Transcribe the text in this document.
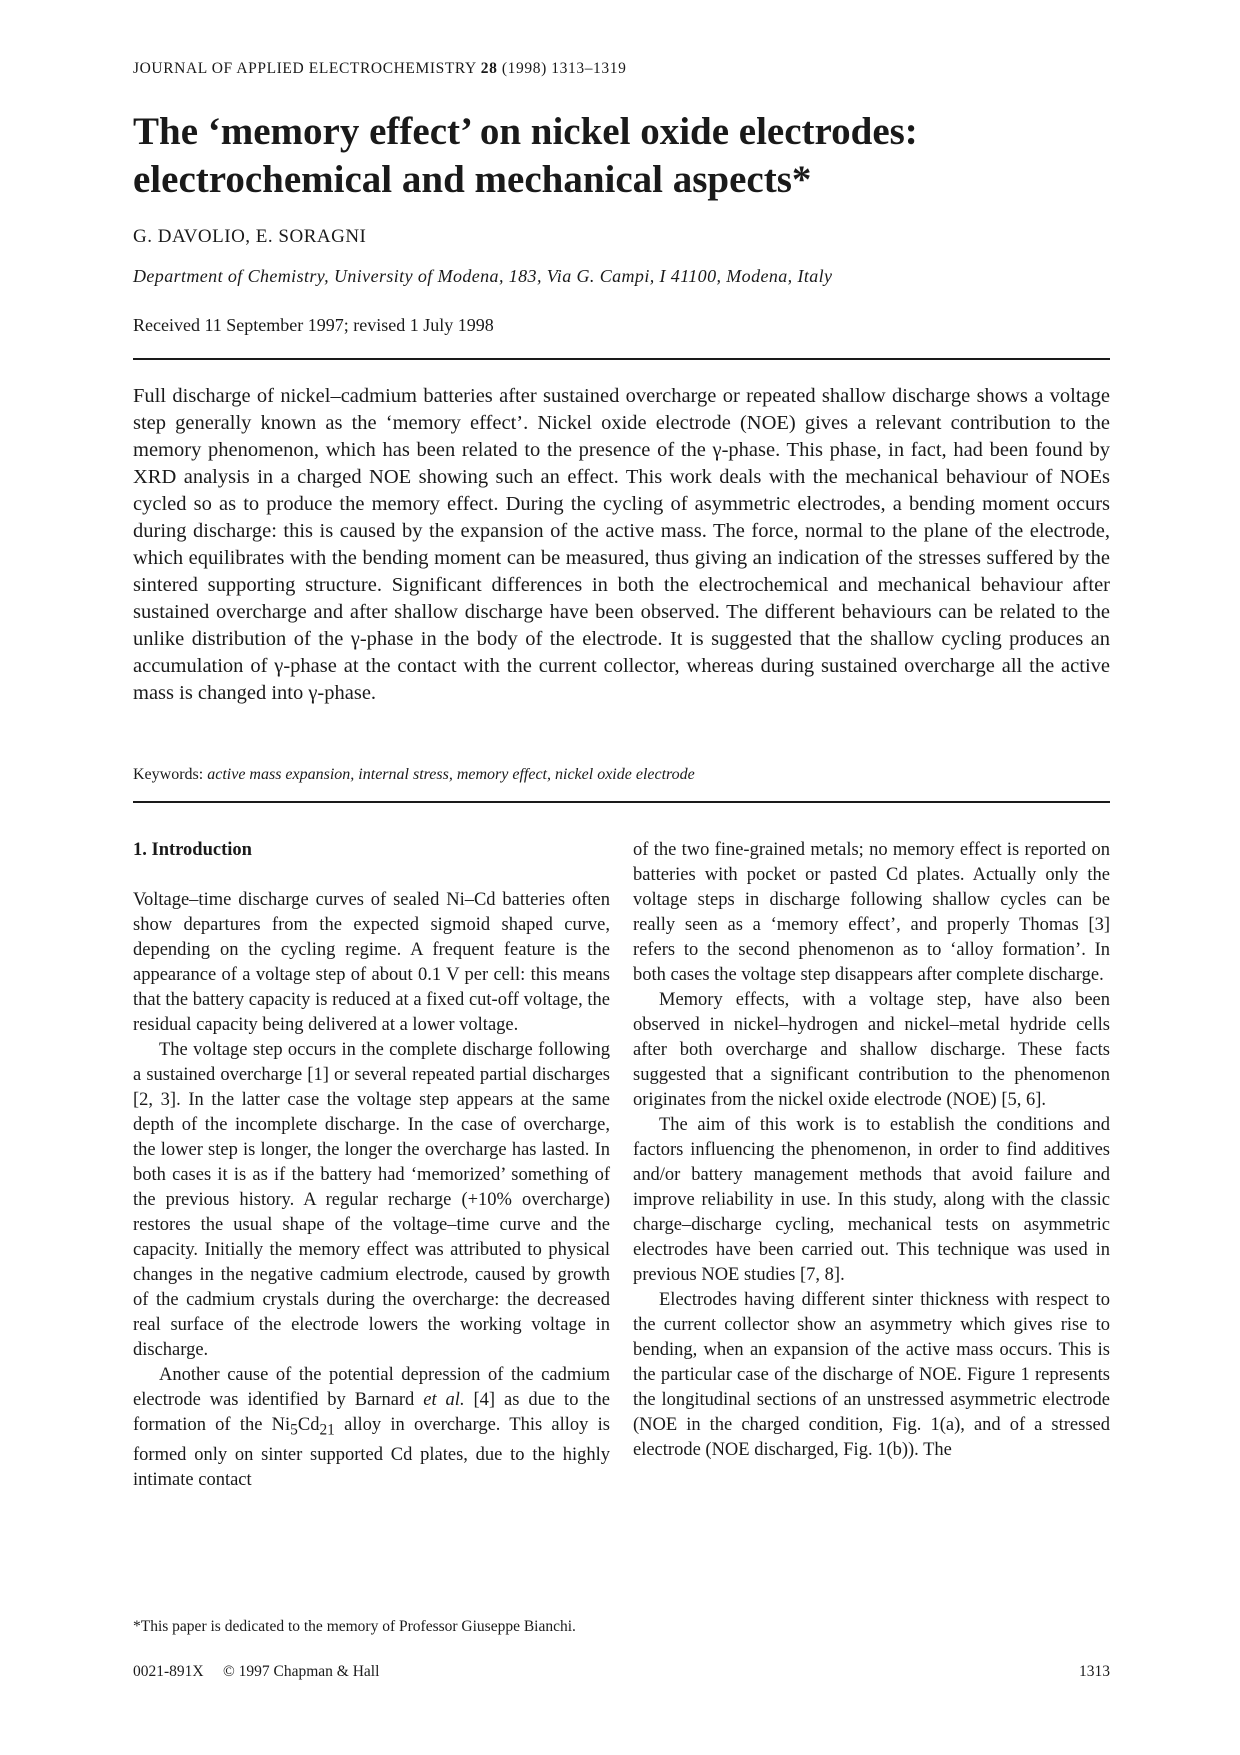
JOURNAL OF APPLIED ELECTROCHEMISTRY 28 (1998) 1313–1319
The ‘memory effect’ on nickel oxide electrodes:
electrochemical and mechanical aspects*
G. DAVOLIO, E. SORAGNI
Department of Chemistry, University of Modena, 183, Via G. Campi, I 41100, Modena, Italy
Received 11 September 1997; revised 1 July 1998

Full discharge of nickel–cadmium batteries after sustained overcharge or repeated shallow discharge shows a voltage step generally known as the ‘memory effect’. Nickel oxide electrode (NOE) gives a relevant contribution to the memory phenomenon, which has been related to the presence of the γ-phase. This phase, in fact, had been found by XRD analysis in a charged NOE showing such an effect. This work deals with the mechanical behaviour of NOEs cycled so as to produce the memory effect. During the cycling of asymmetric electrodes, a bending moment occurs during discharge: this is caused by the expansion of the active mass. The force, normal to the plane of the electrode, which equilibrates with the bending moment can be measured, thus giving an indication of the stresses suffered by the sintered supporting structure. Significant differences in both the electrochemical and mechanical behaviour after sustained overcharge and after shallow discharge have been observed. The different behaviours can be related to the unlike distribution of the γ-phase in the body of the electrode. It is suggested that the shallow cycling produces an accumulation of γ-phase at the contact with the current collector, whereas during sustained overcharge all the active mass is changed into γ-phase.

Keywords: active mass expansion, internal stress, memory effect, nickel oxide electrode

1. Introduction

Voltage–time discharge curves of sealed Ni–Cd batteries often show departures from the expected sigmoid shaped curve, depending on the cycling regime. A frequent feature is the appearance of a voltage step of about 0.1 V per cell: this means that the battery capacity is reduced at a fixed cut-off voltage, the residual capacity being delivered at a lower voltage.

The voltage step occurs in the complete discharge following a sustained overcharge [1] or several repeated partial discharges [2, 3]. In the latter case the voltage step appears at the same depth of the incomplete discharge. In the case of overcharge, the lower step is longer, the longer the overcharge has lasted. In both cases it is as if the battery had ‘memorized’ something of the previous history. A regular recharge (+10% overcharge) restores the usual shape of the voltage–time curve and the capacity. Initially the memory effect was attributed to physical changes in the negative cadmium electrode, caused by growth of the cadmium crystals during the overcharge: the decreased real surface of the electrode lowers the working voltage in discharge.

Another cause of the potential depression of the cadmium electrode was identified by Barnard et al. [4] as due to the formation of the $Ni_5Cd_{21}$ alloy in overcharge. This alloy is formed only on sinter supported Cd plates, due to the highly intimate contact

of the two fine-grained metals; no memory effect is reported on batteries with pocket or pasted Cd plates. Actually only the voltage steps in discharge following shallow cycles can be really seen as a ‘memory effect’, and properly Thomas [3] refers to the second phenomenon as to ‘alloy formation’. In both cases the voltage step disappears after complete discharge.

Memory effects, with a voltage step, have also been observed in nickel–hydrogen and nickel–metal hydride cells after both overcharge and shallow discharge. These facts suggested that a significant contribution to the phenomenon originates from the nickel oxide electrode (NOE) [5, 6].

The aim of this work is to establish the conditions and factors influencing the phenomenon, in order to find additives and/or battery management methods that avoid failure and improve reliability in use. In this study, along with the classic charge–discharge cycling, mechanical tests on asymmetric electrodes have been carried out. This technique was used in previous NOE studies [7, 8].

Electrodes having different sinter thickness with respect to the current collector show an asymmetry which gives rise to bending, when an expansion of the active mass occurs. This is the particular case of the discharge of NOE. Figure 1 represents the longitudinal sections of an unstressed asymmetric electrode (NOE in the charged condition, Fig. 1(a), and of a stressed electrode (NOE discharged, Fig. 1(b)). The

*This paper is dedicated to the memory of Professor Giuseppe Bianchi.
0021-891X © 1997 Chapman & Hall	1313
